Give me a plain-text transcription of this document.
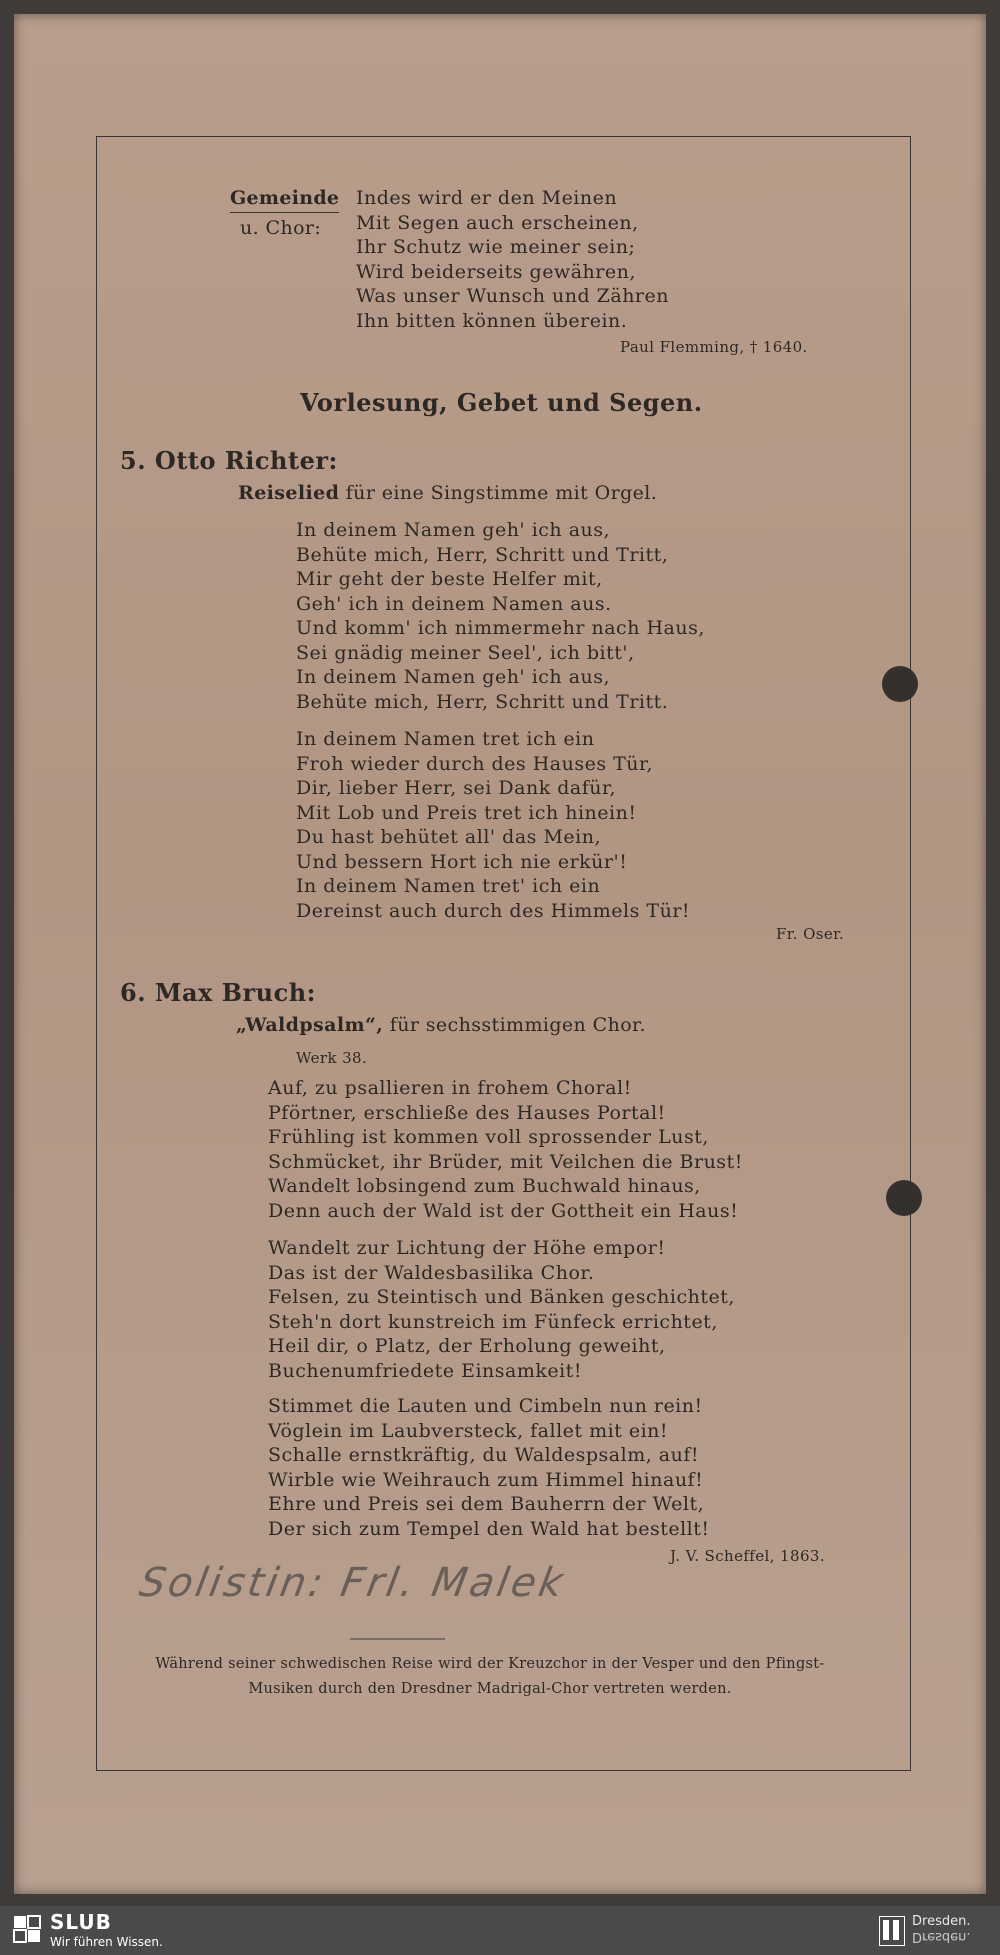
Gemeinde
u. Chor:
Indes wird er den Meinen
Mit Segen auch erscheinen,
Ihr Schutz wie meiner sein;
Wird beiderseits gewähren,
Was unser Wunsch und Zähren
Ihn bitten können überein.
Paul Flemming, † 1640.
Vorlesung, Gebet und Segen.
5. Otto Richter:
Reiselied für eine Singstimme mit Orgel.
In deinem Namen geh' ich aus,
Behüte mich, Herr, Schritt und Tritt,
Mir geht der beste Helfer mit,
Geh' ich in deinem Namen aus.
Und komm' ich nimmermehr nach Haus,
Sei gnädig meiner Seel', ich bitt',
In deinem Namen geh' ich aus,
Behüte mich, Herr, Schritt und Tritt.
In deinem Namen tret ich ein
Froh wieder durch des Hauses Tür,
Dir, lieber Herr, sei Dank dafür,
Mit Lob und Preis tret ich hinein!
Du hast behütet all' das Mein,
Und bessern Hort ich nie erkür'!
In deinem Namen tret' ich ein
Dereinst auch durch des Himmels Tür!
Fr. Oser.
6. Max Bruch:
„Waldpsalm“, für sechsstimmigen Chor.
Werk 38.
Auf, zu psallieren in frohem Choral!
Pförtner, erschließe des Hauses Portal!
Frühling ist kommen voll sprossender Lust,
Schmücket, ihr Brüder, mit Veilchen die Brust!
Wandelt lobsingend zum Buchwald hinaus,
Denn auch der Wald ist der Gottheit ein Haus!
Wandelt zur Lichtung der Höhe empor!
Das ist der Waldesbasilika Chor.
Felsen, zu Steintisch und Bänken geschichtet,
Steh'n dort kunstreich im Fünfeck errichtet,
Heil dir, o Platz, der Erholung geweiht,
Buchenumfriedete Einsamkeit!
Stimmet die Lauten und Cimbeln nun rein!
Vöglein im Laubversteck, fallet mit ein!
Schalle ernstkräftig, du Waldespsalm, auf!
Wirble wie Weihrauch zum Himmel hinauf!
Ehre und Preis sei dem Bauherrn der Welt,
Der sich zum Tempel den Wald hat bestellt!
J. V. Scheffel, 1863.
Solistin: Frl. Malek
Während seiner schwedischen Reise wird der Kreuzchor in der Vesper und den Pfingst-
Musiken durch den Dresdner Madrigal-Chor vertreten werden.
SLUB
Wir führen Wissen.
Dresden.
Dresden.
